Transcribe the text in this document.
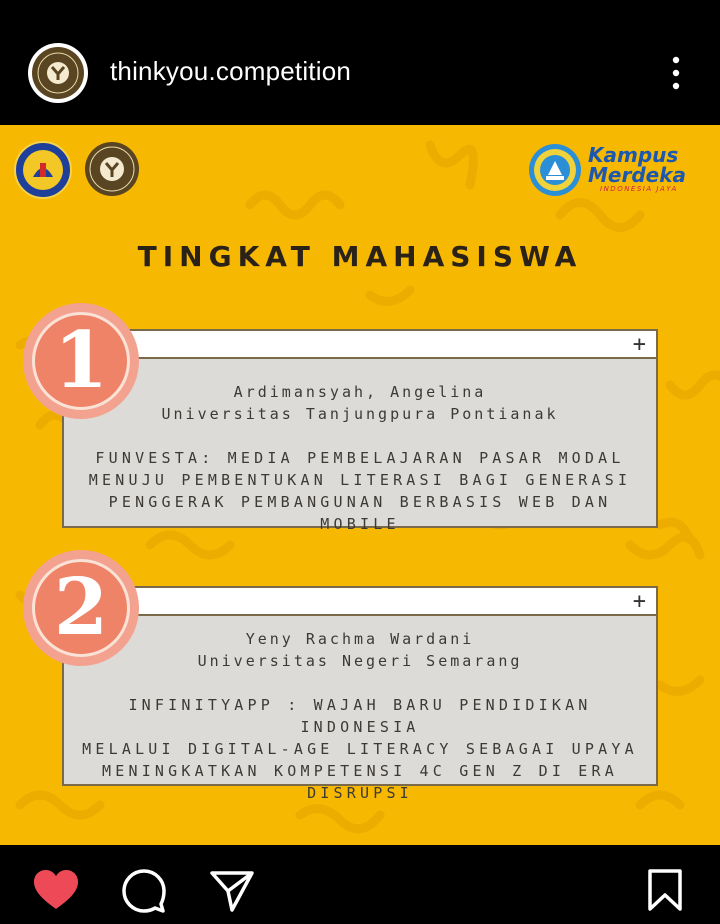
thinkyou.competition
Kampus
Merdeka
INDONESIA JAYA
TINGKAT MAHASISWA
+
Ardimansyah, Angelina
Universitas Tanjungpura Pontianak
FUNVESTA: MEDIA PEMBELAJARAN PASAR MODAL
MENUJU PEMBENTUKAN LITERASI BAGI GENERASI
PENGGERAK PEMBANGUNAN BERBASIS WEB DAN MOBILE
1
+
Yeny Rachma Wardani
Universitas Negeri Semarang
INFINITYAPP : WAJAH BARU PENDIDIKAN INDONESIA
MELALUI DIGITAL-AGE LITERACY SEBAGAI UPAYA
MENINGKATKAN KOMPETENSI 4C GEN Z DI ERA
DISRUPSI
2
